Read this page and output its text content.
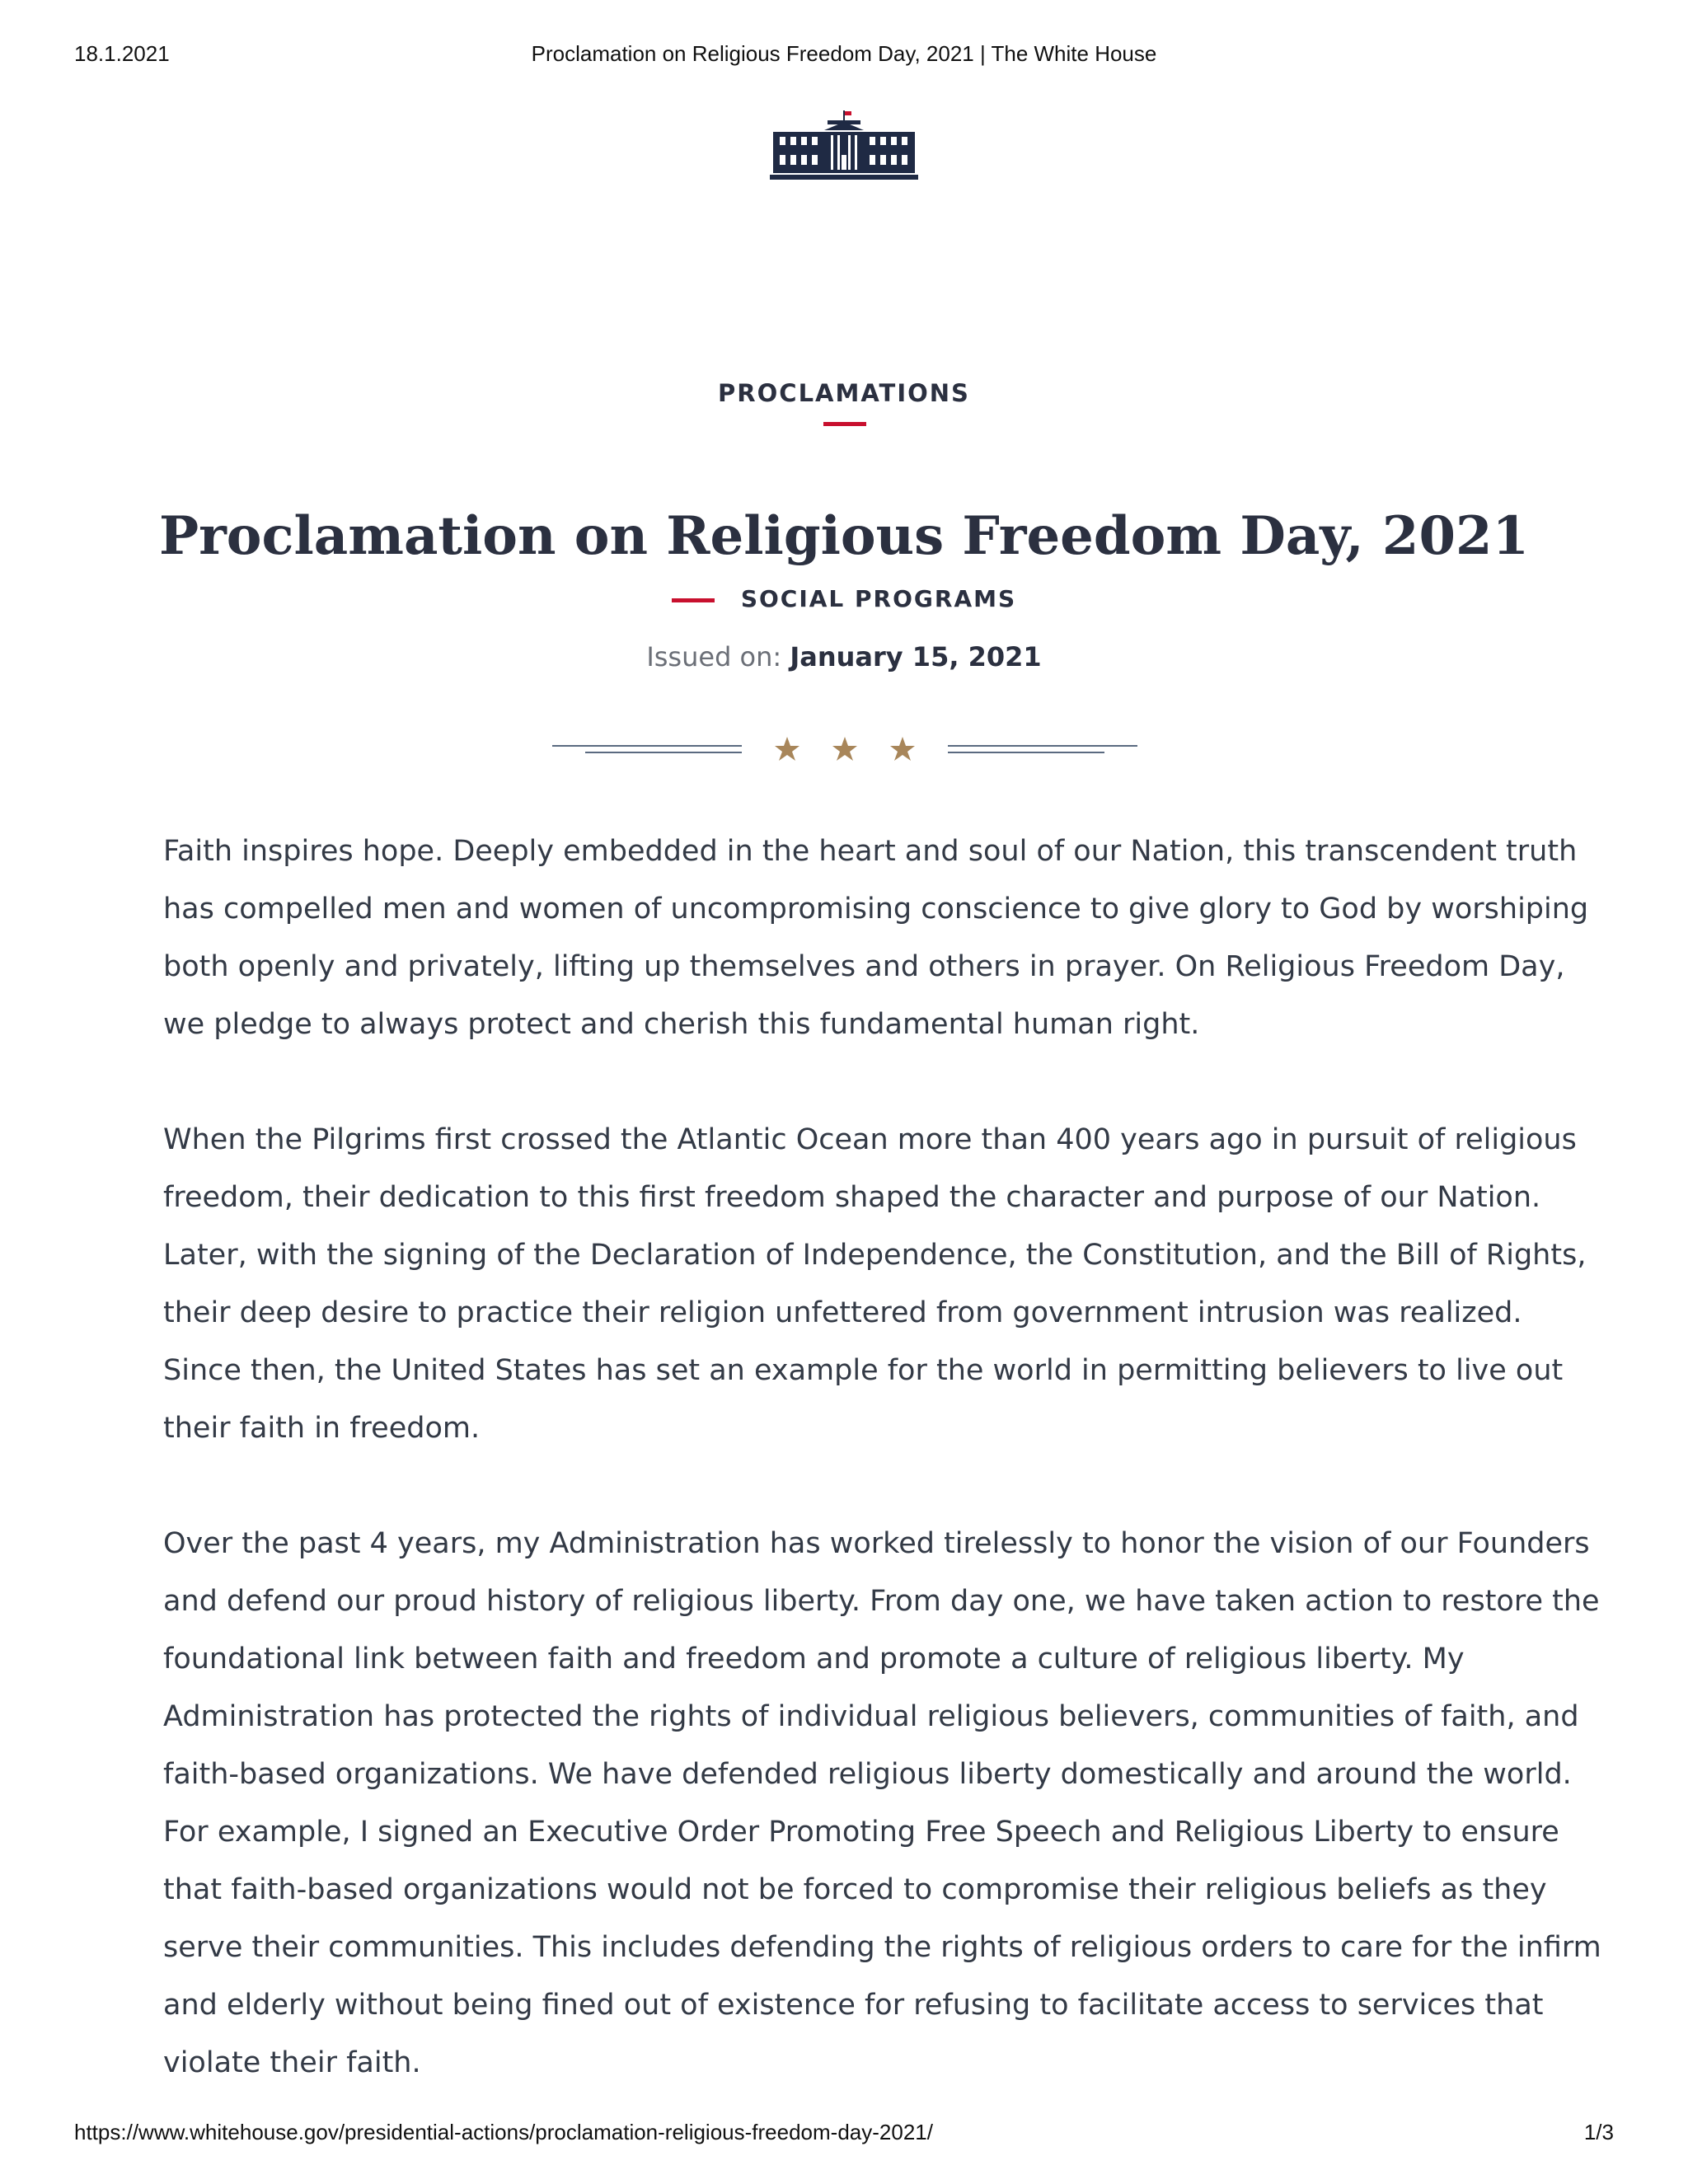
18.1.2021	Proclamation on Religious Freedom Day, 2021 | The White House
PROCLAMATIONS
Proclamation on Religious Freedom Day, 2021
SOCIAL PROGRAMS
Issued on: January 15, 2021

Faith inspires hope. Deeply embedded in the heart and soul of our Nation, this transcendent truth
has compelled men and women of uncompromising conscience to give glory to God by worshiping
both openly and privately, lifting up themselves and others in prayer. On Religious Freedom Day,
we pledge to always protect and cherish this fundamental human right.

When the Pilgrims first crossed the Atlantic Ocean more than 400 years ago in pursuit of religious
freedom, their dedication to this first freedom shaped the character and purpose of our Nation.
Later, with the signing of the Declaration of Independence, the Constitution, and the Bill of Rights,
their deep desire to practice their religion unfettered from government intrusion was realized.
Since then, the United States has set an example for the world in permitting believers to live out
their faith in freedom.

Over the past 4 years, my Administration has worked tirelessly to honor the vision of our Founders
and defend our proud history of religious liberty. From day one, we have taken action to restore the
foundational link between faith and freedom and promote a culture of religious liberty. My
Administration has protected the rights of individual religious believers, communities of faith, and
faith-based organizations. We have defended religious liberty domestically and around the world.
For example, I signed an Executive Order Promoting Free Speech and Religious Liberty to ensure
that faith-based organizations would not be forced to compromise their religious beliefs as they
serve their communities. This includes defending the rights of religious orders to care for the infirm
and elderly without being fined out of existence for refusing to facilitate access to services that
violate their faith.

https://www.whitehouse.gov/presidential-actions/proclamation-religious-freedom-day-2021/	1/3
